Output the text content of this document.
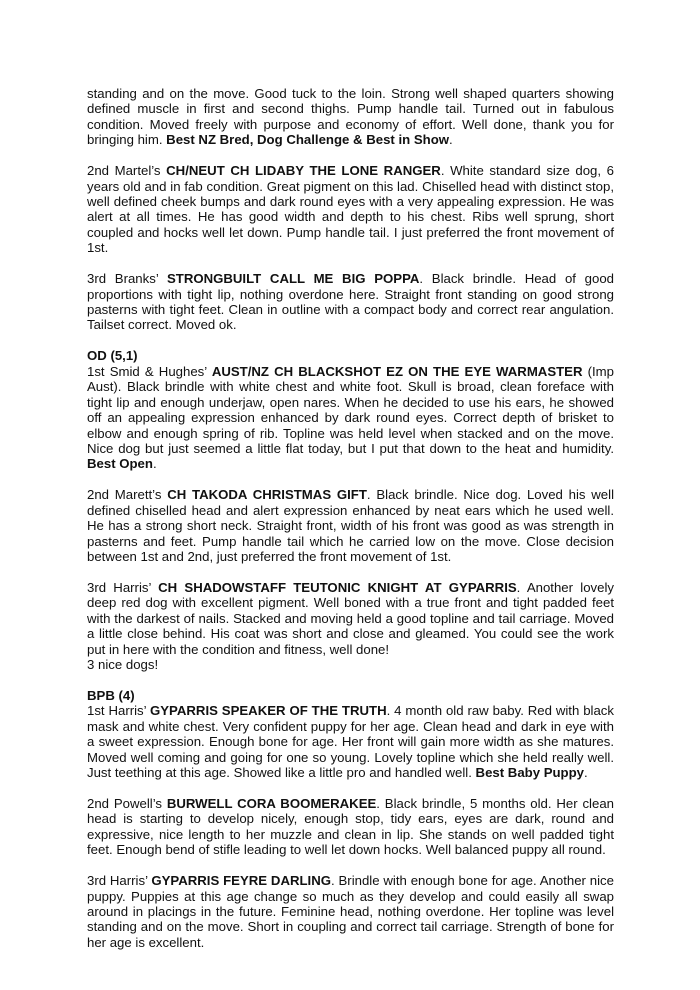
standing and on the move. Good tuck to the loin. Strong well shaped quarters showing defined muscle in first and second thighs. Pump handle tail. Turned out in fabulous condition. Moved freely with purpose and economy of effort. Well done, thank you for bringing him. Best NZ Bred, Dog Challenge & Best in Show.

2nd Martel’s CH/NEUT CH LIDABY THE LONE RANGER. White standard size dog, 6 years old and in fab condition. Great pigment on this lad. Chiselled head with distinct stop, well defined cheek bumps and dark round eyes with a very appealing expression. He was alert at all times. He has good width and depth to his chest. Ribs well sprung, short coupled and hocks well let down. Pump handle tail. I just preferred the front movement of 1st.

3rd Branks’ STRONGBUILT CALL ME BIG POPPA. Black brindle. Head of good proportions with tight lip, nothing overdone here. Straight front standing on good strong pasterns with tight feet. Clean in outline with a compact body and correct rear angulation. Tailset correct. Moved ok.

OD (5,1)

1st Smid & Hughes’ AUST/NZ CH BLACKSHOT EZ ON THE EYE WARMASTER (Imp Aust). Black brindle with white chest and white foot. Skull is broad, clean foreface with tight lip and enough underjaw, open nares. When he decided to use his ears, he showed off an appealing expression enhanced by dark round eyes. Correct depth of brisket to elbow and enough spring of rib. Topline was held level when stacked and on the move. Nice dog but just seemed a little flat today, but I put that down to the heat and humidity. Best Open.

2nd Marett’s CH TAKODA CHRISTMAS GIFT. Black brindle. Nice dog. Loved his well defined chiselled head and alert expression enhanced by neat ears which he used well. He has a strong short neck. Straight front, width of his front was good as was strength in pasterns and feet. Pump handle tail which he carried low on the move. Close decision between 1st and 2nd, just preferred the front movement of 1st.

3rd Harris’ CH SHADOWSTAFF TEUTONIC KNIGHT AT GYPARRIS. Another lovely deep red dog with excellent pigment. Well boned with a true front and tight padded feet with the darkest of nails. Stacked and moving held a good topline and tail carriage. Moved a little close behind. His coat was short and close and gleamed. You could see the work put in here with the condition and fitness, well done!

3 nice dogs!

BPB (4)

1st Harris’ GYPARRIS SPEAKER OF THE TRUTH. 4 month old raw baby. Red with black mask and white chest. Very confident puppy for her age. Clean head and dark in eye with a sweet expression. Enough bone for age. Her front will gain more width as she matures. Moved well coming and going for one so young. Lovely topline which she held really well. Just teething at this age. Showed like a little pro and handled well. Best Baby Puppy.

2nd Powell’s BURWELL CORA BOOMERAKEE. Black brindle, 5 months old. Her clean head is starting to develop nicely, enough stop, tidy ears, eyes are dark, round and expressive, nice length to her muzzle and clean in lip. She stands on well padded tight feet. Enough bend of stifle leading to well let down hocks. Well balanced puppy all round.

3rd Harris’ GYPARRIS FEYRE DARLING. Brindle with enough bone for age. Another nice puppy. Puppies at this age change so much as they develop and could easily all swap around in placings in the future. Feminine head, nothing overdone. Her topline was level standing and on the move. Short in coupling and correct tail carriage. Strength of bone for her age is excellent.
